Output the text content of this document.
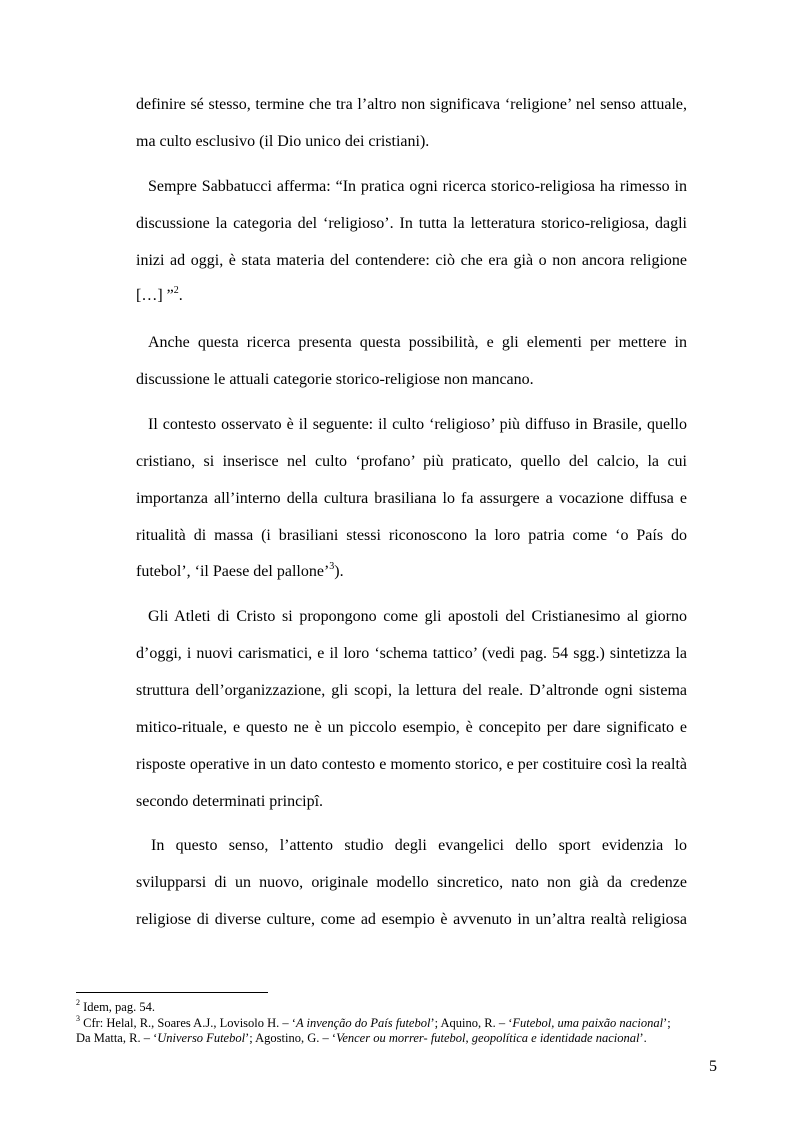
definire sé stesso, termine che tra l’altro non significava ‘religione’ nel senso attuale,
ma culto esclusivo (il Dio unico dei cristiani).
Sempre Sabbatucci afferma: “In pratica ogni ricerca storico-religiosa ha rimesso in
discussione la categoria del ‘religioso’. In tutta la letteratura storico-religiosa, dagli
inizi ad oggi, è stata materia del contendere: ciò che era già o non ancora religione
[…] ”$^2$.
Anche questa ricerca presenta questa possibilità, e gli elementi per mettere in
discussione le attuali categorie storico-religiose non mancano.
Il contesto osservato è il seguente: il culto ‘religioso’ più diffuso in Brasile, quello
cristiano, si inserisce nel culto ‘profano’ più praticato, quello del calcio, la cui
importanza all’interno della cultura brasiliana lo fa assurgere a vocazione diffusa e
ritualità di massa (i brasiliani stessi riconoscono la loro patria come ‘o País do
futebol’, ‘il Paese del pallone’$^3$).
Gli Atleti di Cristo si propongono come gli apostoli del Cristianesimo al giorno
d’oggi, i nuovi carismatici, e il loro ‘schema tattico’ (vedi pag. 54 sgg.) sintetizza la
struttura dell’organizzazione, gli scopi, la lettura del reale. D’altronde ogni sistema
mitico-rituale, e questo ne è un piccolo esempio, è concepito per dare significato e
risposte operative in un dato contesto e momento storico, e per costituire così la realtà
secondo determinati principî.
In questo senso, l’attento studio degli evangelici dello sport evidenzia lo
svilupparsi di un nuovo, originale modello sincretico, nato non già da credenze
religiose di diverse culture, come ad esempio è avvenuto in un’altra realtà religiosa
$^2$ Idem, pag. 54.
$^3$ Cfr: Helal, R., Soares A.J., Lovisolo H. – ‘A invenção do País futebol’; Aquino, R. – ‘Futebol, uma paixão nacional’;
Da Matta, R. – ‘Universo Futebol’; Agostino, G. – ‘Vencer ou morrer- futebol, geopolítica e identidade nacional’.
5
